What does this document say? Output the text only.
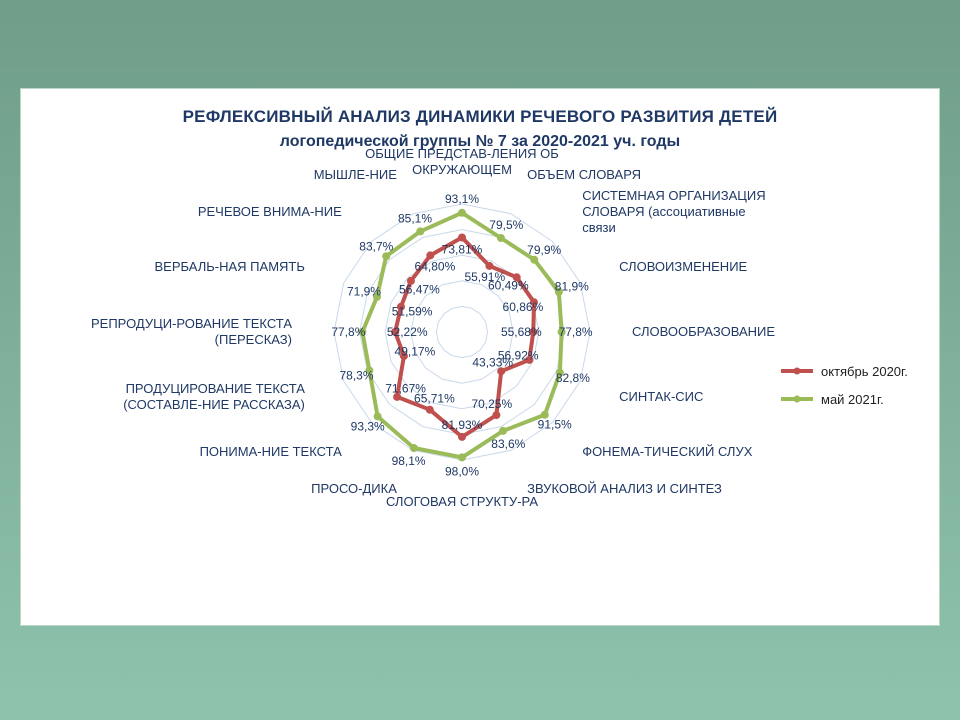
РЕФЛЕКСИВНЫЙ АНАЛИЗ ДИНАМИКИ РЕЧЕВОГО РАЗВИТИЯ ДЕТЕЙ
логопедической группы № 7 за 2020-2021 уч. годы
ОБЩИЕ ПРЕДСТАВ-ЛЕНИЯ ОБ ОКРУЖАЮЩЕМ	ОБЪЕМ СЛОВАРЯ
СИСТЕМНАЯ ОРГАНИЗАЦИЯ СЛОВАРЯ (ассоциативные связи
СЛОВОИЗМЕНЕНИЕ
СЛОВООБРАЗОВАНИЕ
СИНТАК-СИС
ФОНЕМА-ТИЧЕСКИЙ СЛУХ
ЗВУКОВОЙ АНАЛИЗ И СИНТЕЗ
СЛОГОВАЯ СТРУКТУ-РА
ПРОСО-ДИКА
ПОНИМА-НИЕ ТЕКСТА
ПРОДУЦИРОВАНИЕ ТЕКСТА (СОСТАВЛЕ-НИЕ РАССКАЗА)
РЕПРОДУЦИ-РОВАНИЕ ТЕКСТА (ПЕРЕСКАЗ)
ВЕРБАЛЬ-НАЯ ПАМЯТЬ
РЕЧЕВОЕ ВНИМА-НИЕ
МЫШЛЕ-НИЕ
73,81%
55,91%
60,49%
60,86%
55,68%
56,92%
43,33%
70,25%
81,93%
65,71%
71,67%
49,17%
52,22%
51,59%
56,47%
64,80%
93,1%
79,5%
79,9%
81,9%
77,8%
82,8%
91,5%
83,6%
98,0%
98,1%
93,3%
78,3%
77,8%
71,9%
83,7%
85,1%
октябрь 2020г.
май 2021г.
